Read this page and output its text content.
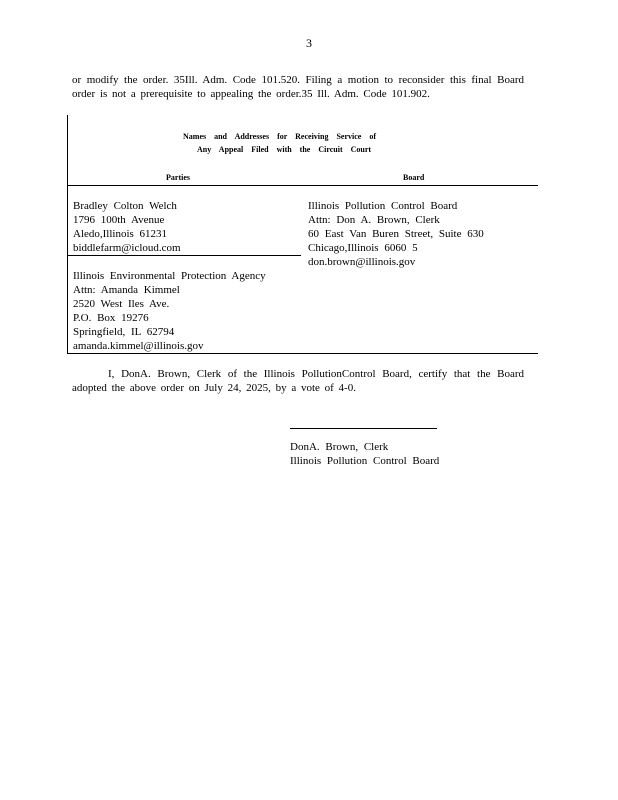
3
or modify the order. 35Ill. Adm. Code 101.520. Filing a motion to reconsider this final Board order is not a prerequisite to appealing the order.35 Ill. Adm. Code 101.902.
Names and Addresses for Receiving Service of
Any Appeal Filed with the Circuit Court
Parties	Board
Bradley Colton Welch
1796 100th Avenue
Aledo,Illinois 61231
biddlefarm@icloud.com
Illinois Environmental Protection Agency
Attn: Amanda Kimmel
2520 West Iles Ave.
P.O. Box 19276
Springfield, IL 62794
amanda.kimmel@illinois.gov
Illinois Pollution Control Board
Attn: Don A. Brown, Clerk
60 East Van Buren Street, Suite 630
Chicago,Illinois 6060 5
don.brown@illinois.gov
I, DonA. Brown, Clerk of the Illinois PollutionControl Board, certify that the Board adopted the above order on July 24, 2025, by a vote of 4-0.
DonA. Brown, Clerk
Illinois Pollution Control Board
